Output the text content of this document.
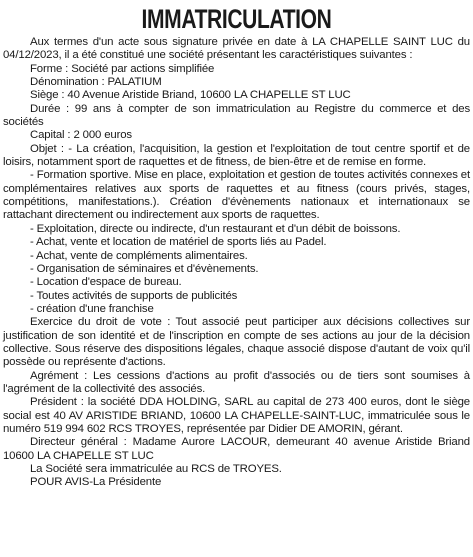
IMMATRICULATION

Aux termes d'un acte sous signature privée en date à LA CHAPELLE SAINT LUC du 04/12/2023, il a été constitué une société présentant les caractéristiques suivantes :

Forme : Société par actions simplifiée

Dénomination : PALATIUM

Siège : 40 Avenue Aristide Briand, 10600 LA CHAPELLE ST LUC

Durée : 99 ans à compter de son immatriculation au Registre du commerce et des sociétés

Capital : 2 000 euros

Objet : - La création, l'acquisition, la gestion et l'exploitation de tout centre sportif et de loisirs, notamment sport de raquettes et de fitness, de bien-être et de remise en forme.

- Formation sportive. Mise en place, exploitation et gestion de toutes activités connexes et complémentaires relatives aux sports de raquettes et au fitness (cours privés, stages, compétitions, manifestations.). Création d'évènements nationaux et internationaux se rattachant directement ou indirectement aux sports de raquettes.

- Exploitation, directe ou indirecte, d'un restaurant et d'un débit de boissons.

- Achat, vente et location de matériel de sports liés au Padel.

- Achat, vente de compléments alimentaires.

- Organisation de séminaires et d'évènements.

- Location d'espace de bureau.

- Toutes activités de supports de publicités

- création d'une franchise

Exercice du droit de vote : Tout associé peut participer aux décisions collectives sur justification de son identité et de l'inscription en compte de ses actions au jour de la décision collective. Sous réserve des dispositions légales, chaque associé dispose d'autant de voix qu'il possède ou représente d'actions.

Agrément : Les cessions d'actions au profit d'associés ou de tiers sont soumises à l'agrément de la collectivité des associés.

Président : la société DDA HOLDING, SARL au capital de 273 400 euros, dont le siège social est 40 AV ARISTIDE BRIAND, 10600 LA CHAPELLE-SAINT-LUC, immatriculée sous le numéro 519 994 602 RCS TROYES, représentée par Didier DE AMORIN, gérant.

Directeur général : Madame Aurore LACOUR, demeurant 40 avenue Aristide Briand 10600 LA CHAPELLE ST LUC

La Société sera immatriculée au RCS de TROYES.

POUR AVIS-La Présidente
